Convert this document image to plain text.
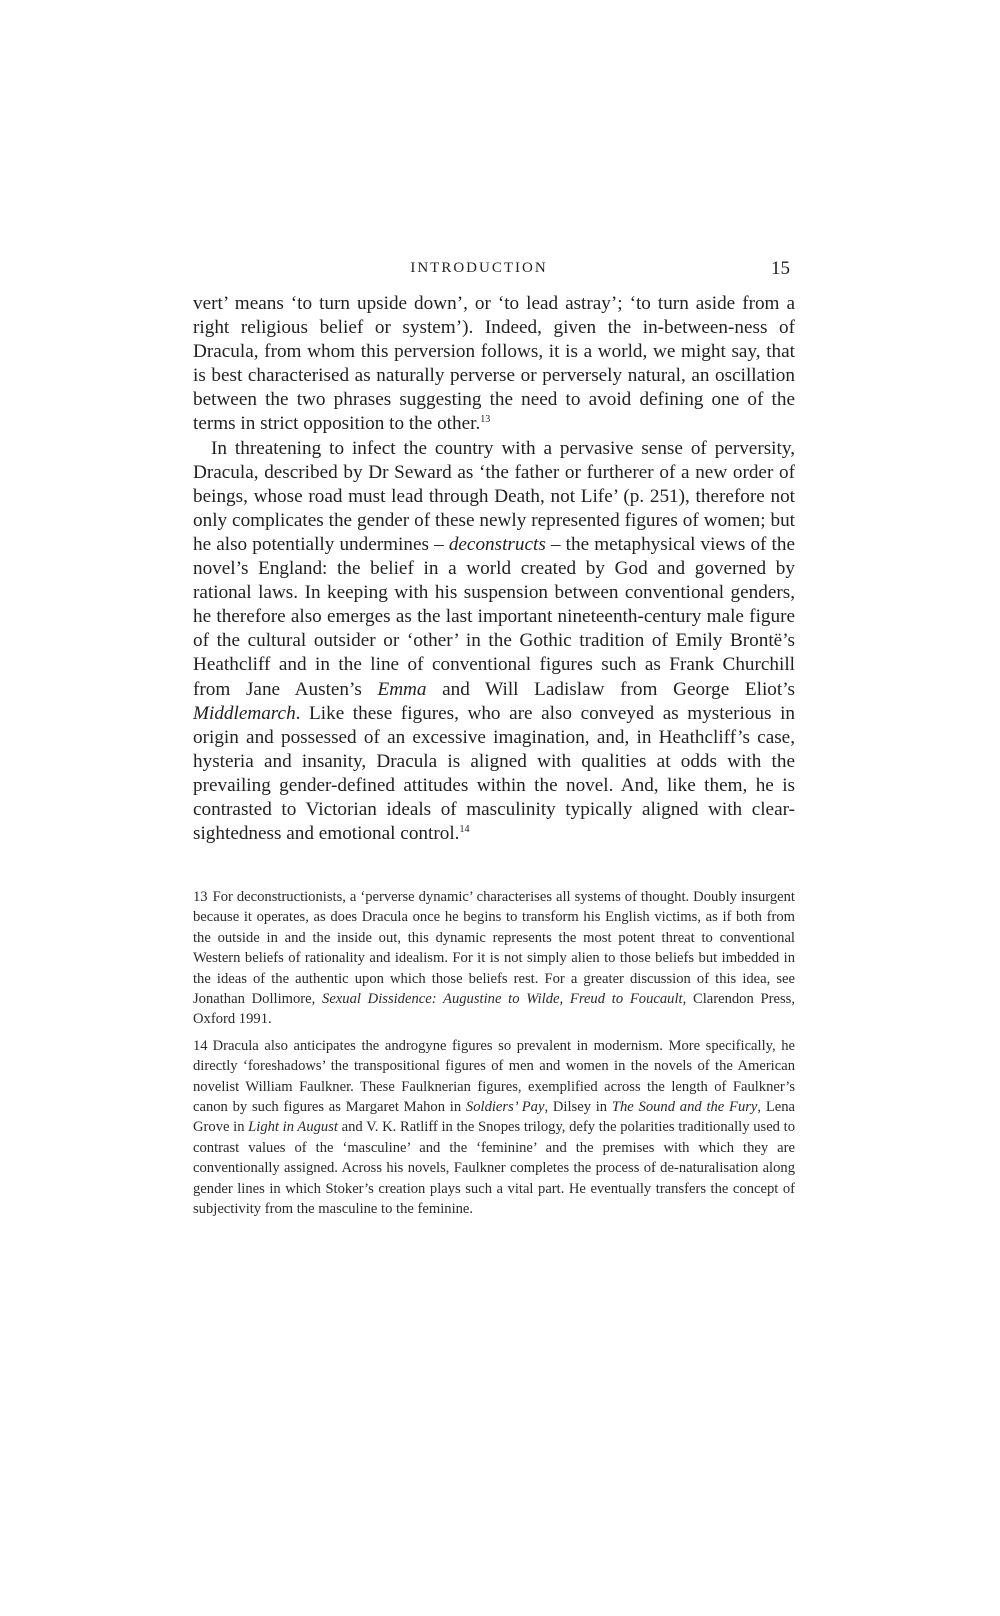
INTRODUCTION	15

vert’ means ‘to turn upside down’, or ‘to lead astray’; ‘to turn aside from a right religious belief or system’). Indeed, given the in-between-ness of Dracula, from whom this perversion follows, it is a world, we might say, that is best characterised as naturally perverse or perversely natural, an oscillation between the two phrases suggesting the need to avoid defining one of the terms in strict opposition to the other.$^{13}$

In threatening to infect the country with a pervasive sense of perversity, Dracula, described by Dr Seward as ‘the father or furtherer of a new order of beings, whose road must lead through Death, not Life’ (p. 251), therefore not only complicates the gender of these newly represented figures of women; but he also potentially undermines – deconstructs – the metaphysical views of the novel’s England: the belief in a world created by God and governed by rational laws. In keeping with his suspension between conventional genders, he therefore also emerges as the last important nineteenth-century male figure of the cultural outsider or ‘other’ in the Gothic tradition of Emily Brontë’s Heathcliff and in the line of conventional figures such as Frank Churchill from Jane Austen’s Emma and Will Ladislaw from George Eliot’s Middlemarch. Like these figures, who are also conveyed as mysterious in origin and possessed of an excessive imagination, and, in Heathcliff’s case, hysteria and insanity, Dracula is aligned with qualities at odds with the prevailing gender-defined attitudes within the novel. And, like them, he is contrasted to Victorian ideals of masculinity typically aligned with clear-sightedness and emotional control.$^{14}$

13 For deconstructionists, a ‘perverse dynamic’ characterises all systems of thought. Doubly insurgent because it operates, as does Dracula once he begins to transform his English victims, as if both from the outside in and the inside out, this dynamic represents the most potent threat to conventional Western beliefs of rationality and idealism. For it is not simply alien to those beliefs but imbedded in the ideas of the authentic upon which those beliefs rest. For a greater discussion of this idea, see Jonathan Dollimore, Sexual Dissidence: Augustine to Wilde, Freud to Foucault, Clarendon Press, Oxford 1991.

14 Dracula also anticipates the androgyne figures so prevalent in modernism. More specifically, he directly ‘foreshadows’ the transpositional figures of men and women in the novels of the American novelist William Faulkner. These Faulknerian figures, exemplified across the length of Faulkner’s canon by such figures as Margaret Mahon in Soldiers’ Pay, Dilsey in The Sound and the Fury, Lena Grove in Light in August and V. K. Ratliff in the Snopes trilogy, defy the polarities traditionally used to contrast values of the ‘masculine’ and the ‘feminine’ and the premises with which they are conventionally assigned. Across his novels, Faulkner completes the process of de-naturalisation along gender lines in which Stoker’s creation plays such a vital part. He eventually transfers the concept of subjectivity from the masculine to the feminine.
